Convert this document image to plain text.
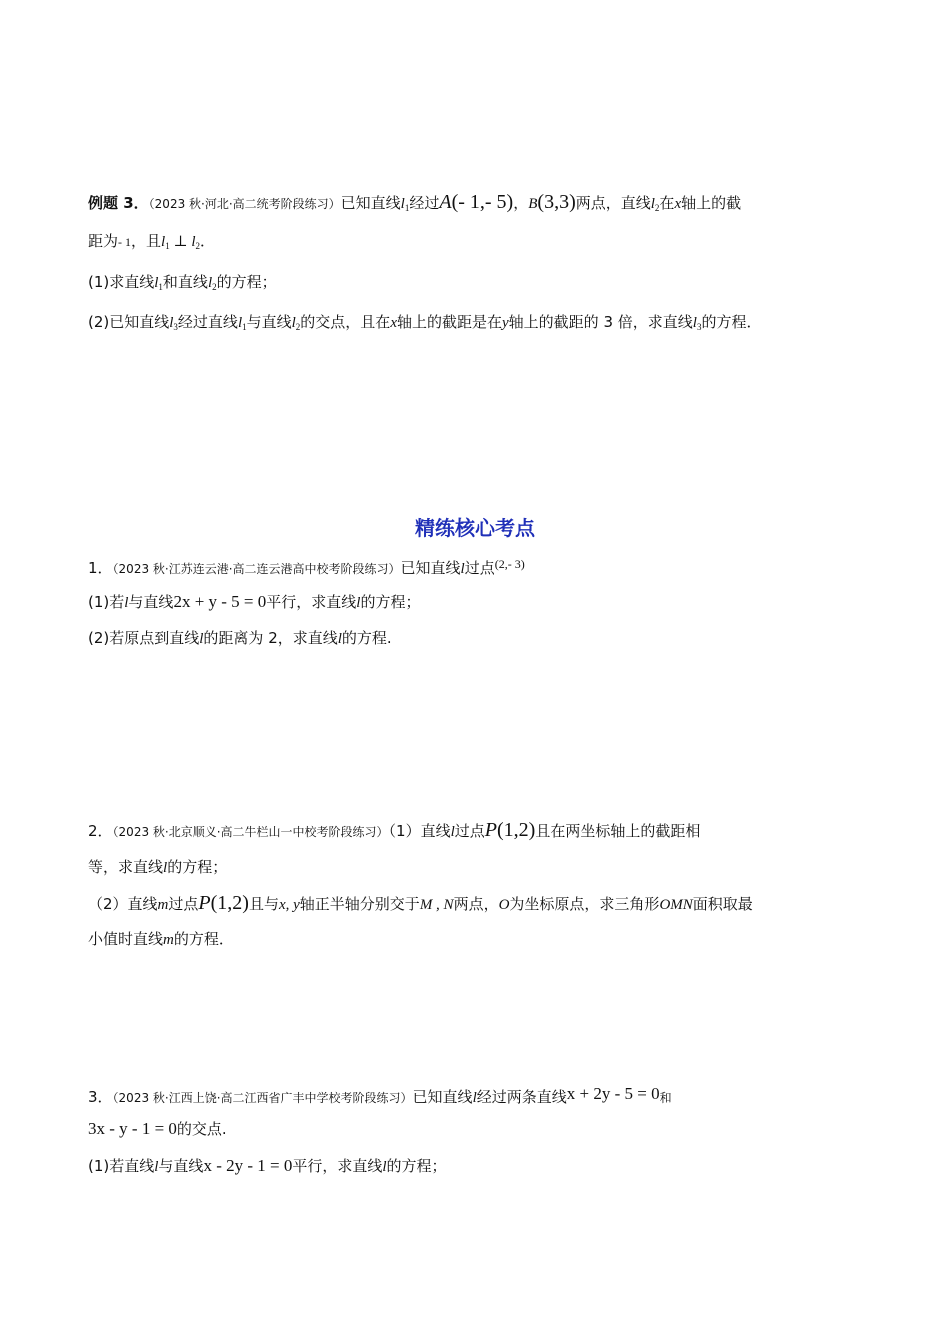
例题 3．（2023 秋·河北·高二统考阶段练习）已知直线$l_1$经过A(- 1,- 5)，B(3,3)两点，直线$l_2$在x轴上的截
距为- 1，且$l_1$ ⊥ $l_2$．
(1)求直线$l_1$和直线$l_2$的方程；
(2)已知直线$l_3$经过直线$l_1$与直线$l_2$的交点，且在x轴上的截距是在y轴上的截距的 3 倍，求直线$l_3$的方程．
精练核心考点
1．（2023 秋·江苏连云港·高二连云港高中校考阶段练习）已知直线l过点$^{(2,- 3)}$
(1)若l与直线2x + y - 5 = 0平行，求直线l的方程；
(2)若原点到直线l的距离为 2，求直线l的方程.
2．（2023 秋·北京顺义·高二牛栏山一中校考阶段练习）（1）直线l过点P(1,2)且在两坐标轴上的截距相
等，求直线l的方程；
（2）直线m过点P(1,2)且与x, y轴正半轴分别交于M , N两点，O为坐标原点，求三角形OMN面积取最
小值时直线m的方程．
3．（2023 秋·江西上饶·高二江西省广丰中学校考阶段练习）已知直线l经过两条直线x + 2y - 5 = 0和
3x - y - 1 = 0的交点.
(1)若直线l与直线x - 2y - 1 = 0平行，求直线l的方程；
